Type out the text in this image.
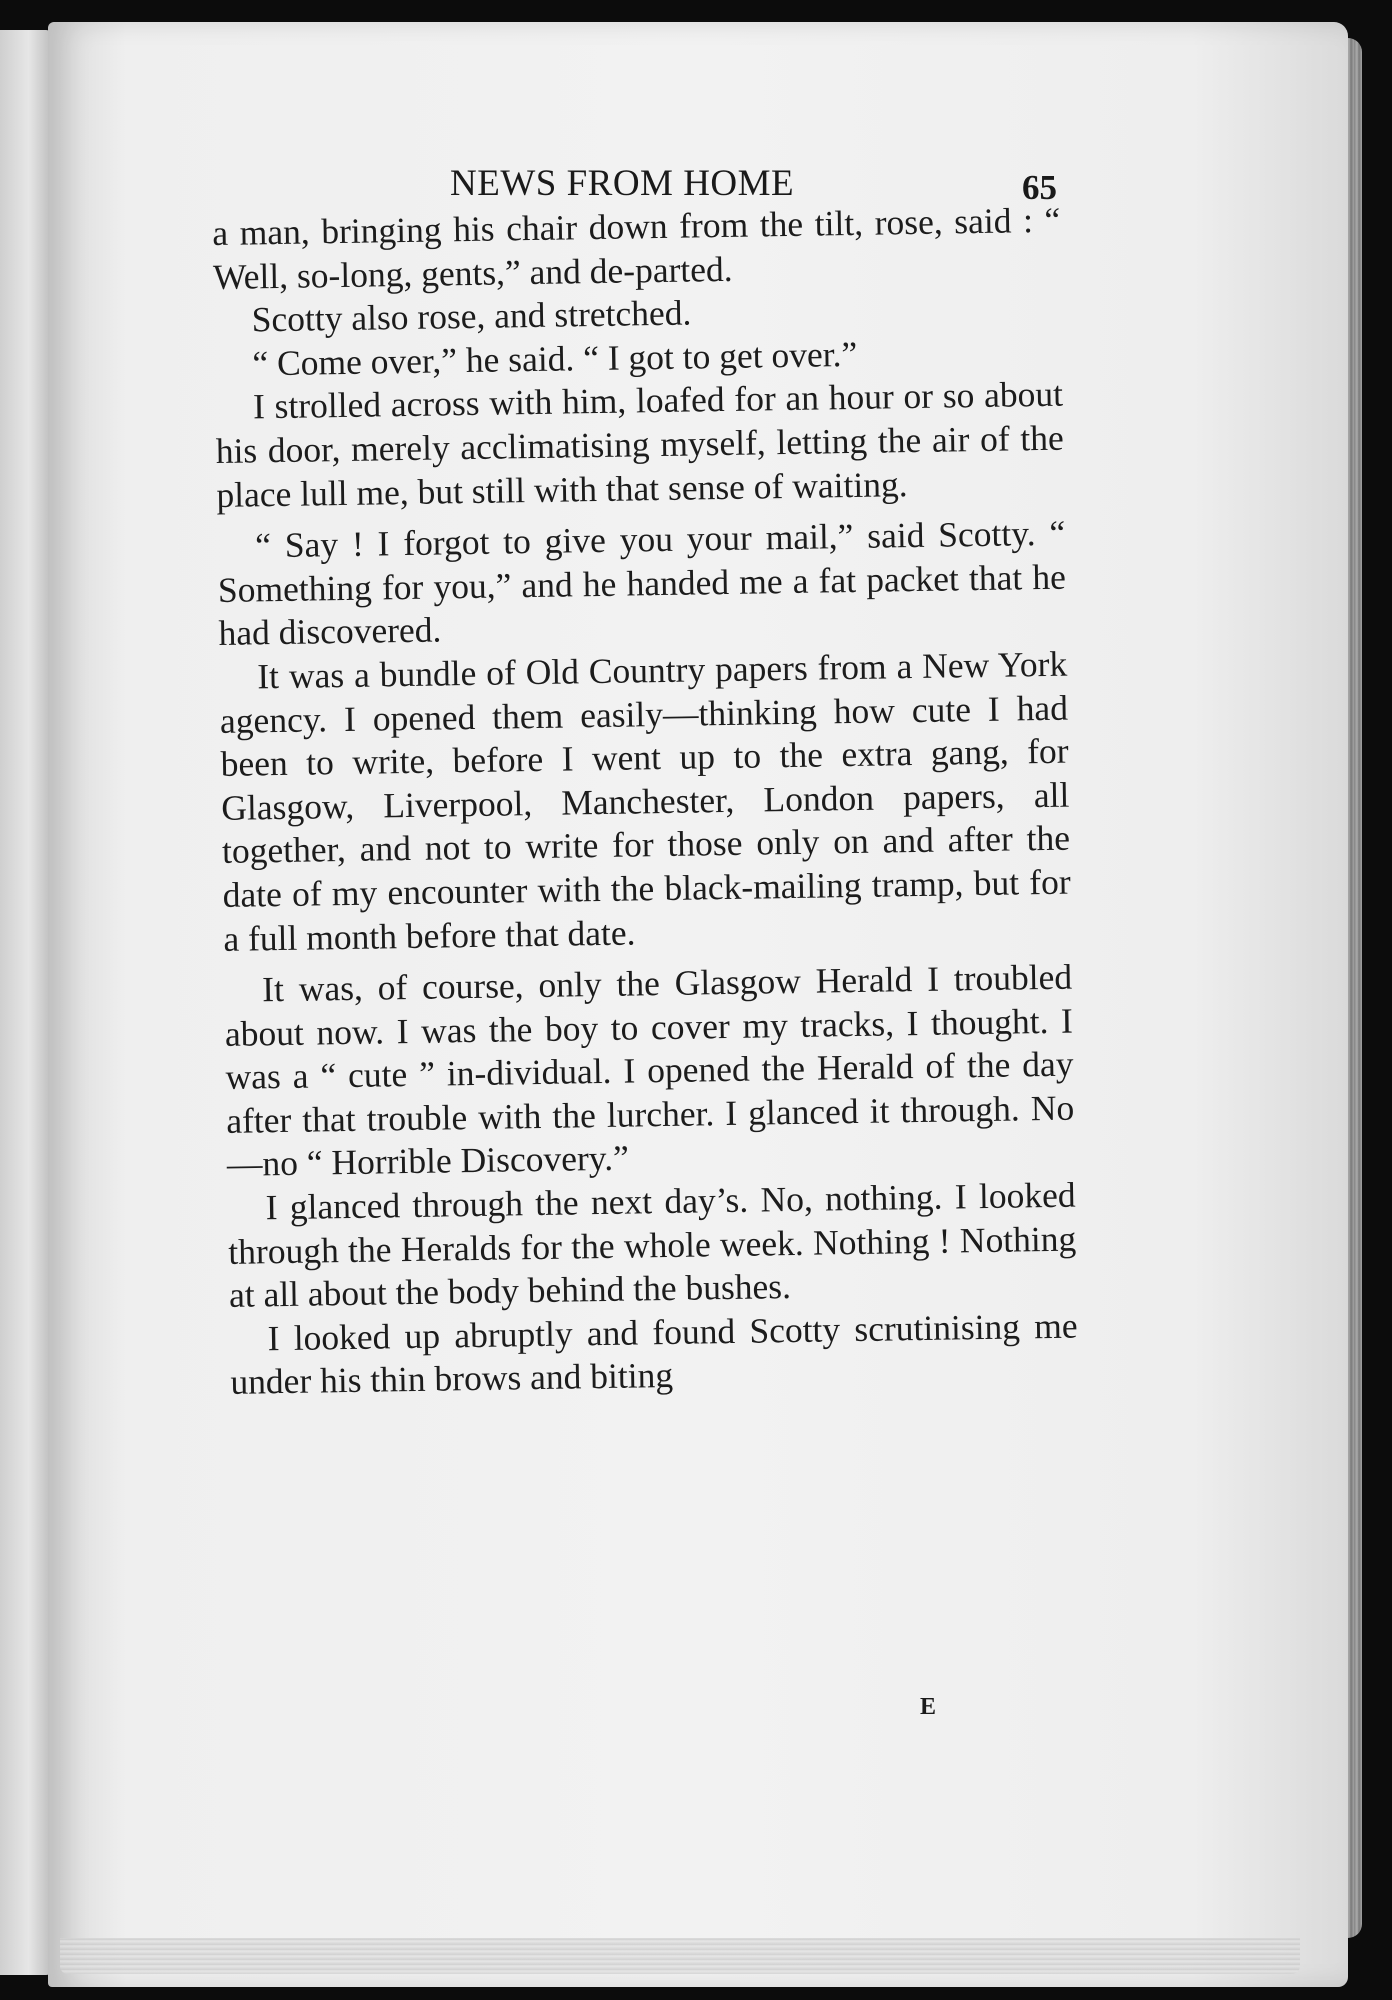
NEWS FROM HOME	65

a man, bringing his chair down from the tilt, rose, said : “ Well, so-long, gents,” and de-parted.

Scotty also rose, and stretched.

“ Come over,” he said. “ I got to get over.”

I strolled across with him, loafed for an hour or so about his door, merely acclimatising myself, letting the air of the place lull me, but still with that sense of waiting.

“ Say ! I forgot to give you your mail,” said Scotty. “ Something for you,” and he handed me a fat packet that he had discovered.

It was a bundle of Old Country papers from a New York agency. I opened them easily—thinking how cute I had been to write, before I went up to the extra gang, for Glasgow, Liverpool, Manchester, London papers, all together, and not to write for those only on and after the date of my encounter with the black-mailing tramp, but for a full month before that date.

It was, of course, only the Glasgow Herald I troubled about now. I was the boy to cover my tracks, I thought. I was a “ cute ” in-dividual. I opened the Herald of the day after that trouble with the lurcher. I glanced it through. No—no “ Horrible Discovery.”

I glanced through the next day’s. No, nothing. I looked through the Heralds for the whole week. Nothing ! Nothing at all about the body behind the bushes.

I looked up abruptly and found Scotty scrutinising me under his thin brows and biting

E
